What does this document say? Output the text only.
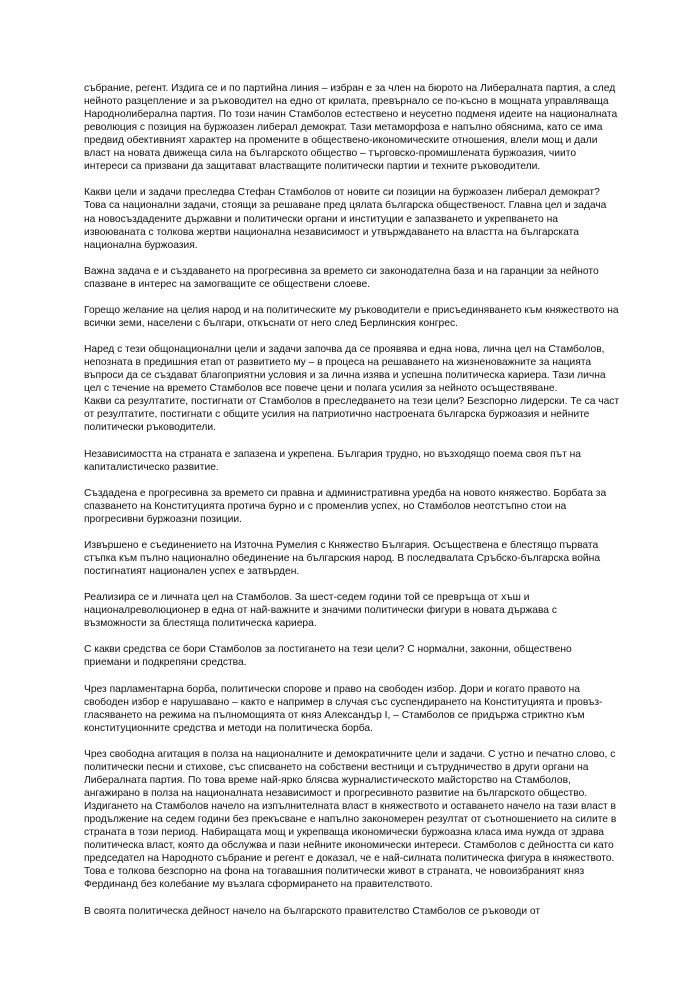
събрание, регент. Издига се и по партийна линия – избран е за член на бюрото на Либералната партия, а след нейното разцепление и за ръководител на едно от крилата, превърнало се по-късно в мощната управляваща Народнолиберална партия. По този начин Стамболов естествено и неусетно подменя идеите на националната революция с позиция на буржоазен либерал демократ. Тази метаморфоза е напълно обяснима, като се има предвид обективният характер на промените в обществено-икономическите отношения, влели мощ и дали власт на новата движеща сила на българското общество – търговско-промишлената буржоазия, чиито интереси са призвани да защитават властващите политически партии и техните ръководители.

Какви цели и задачи преследва Стефан Стамболов от новите си позиции на буржоазен либерал демократ? Това са национални задачи, стоящи за решаване пред цялата българска общественост. Главна цел и задача на новосъздадените държавни и политически органи и институции е запазването и укрепването на извоюваната с толкова жертви национална независимост и утвърждаването на властта на българската национална буржоазия.

Важна задача е и създаването на прогресивна за времето си законодателна база и на гаранции за нейното спазване в интерес на замогващите се обществени слоеве.

Горещо желание на целия народ и на политическите му ръководители е присъединяването към княжеството на всички земи, населени с българи, откъснати от него след Берлинския конгрес.

Наред с тези общонационални цели и задачи започва да се проявява и една нова, лична цел на Стамболов, непозната в предишния етап от развитието му – в процеса на решаването на жизненоважните за нацията въпроси да се създават благоприятни условия и за лична изява и успешна политическа кариера. Тази лична цел с течение на времето Стамболов все повече цени и полага усилия за нейното осъществяване.

Какви са резултатите, постигнати от Стамболов в преследването на тези цели? Безспорно лидерски. Те са част от резултатите, постигнати с общите усилия на патриотично настроената българска буржоазия и нейните политически ръководители.

Независимостта на страната е запазена и укрепена. България трудно, но възходящо поема своя път на капиталистическо развитие.

Създадена е прогресивна за времето си правна и административна уредба на новото княжество. Борбата за спазването на Конституцията протича бурно и с променлив успех, но Стамболов неотстъпно стои на прогресивни буржоазни позиции.

Извършено е съединението на Източна Румелия с Княжество България. Осъществена е блестящо първата стъпка към пълно национално обединение на българския народ. В последвалата Сръбско-българска война постигнатият национален успех е затвърден.

Реализира се и личната цел на Стамболов. За шест-седем години той се превръща от хъш и националреволюционер в една от най-важните и значими политически фигури в новата държава с възможности за блестяща политическа кариера.

С какви средства се бори Стамболов за постигането на тези цели? С нормални, законни, обществено приемани и подкрепяни средства.

Чрез парламентарна борба, политически спорове и право на свободен избор. Дори и когато правото на свободен избор е нарушавано – както е например в случая със суспендирането на Конституцията и провъз-гласяването на режима на пълномощията от княз Александър I, – Стамболов се придържа стриктно към конституционните средства и методи на политическа борба.

Чрез свободна агитация в полза на националните и демократичните цели и задачи. С устно и печатно слово, с политически песни и стихове, със списването на собствени вестници и сътрудничество в други органи на Либералната партия. По това време най-ярко блясва журналистическото майсторство на Стамболов, ангажирано в полза на националната независимост и прогресивното развитие на българското общество.

Издигането на Стамболов начело на изпълнителната власт в княжеството и оставането начело на тази власт в продължение на седем години без прекъсване е напълно закономерен резултат от съотношението на силите в страната в този период. Набиращата мощ и укрепваща икономически буржоазна класа има нужда от здрава политическа власт, която да обслужва и пази нейните икономически интереси. Стамболов с дейността си като председател на Народното събрание и регент е доказал, че е най-силната политическа фигура в княжеството. Това е толкова безспорно на фона на тогавашния политически живот в страната, че новоизбраният княз Фердинанд без колебание му възлага сформирането на правителството.

В своята политическа дейност начело на българското правителство Стамболов се ръководи от
